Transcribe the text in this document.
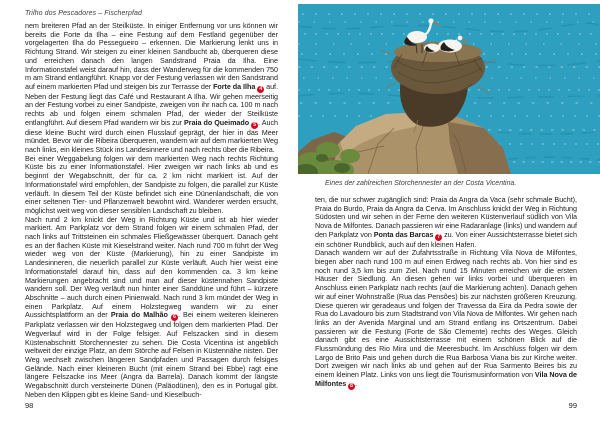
Trilho dos Pescadores – Fischerpfad

nem breiteren Pfad an der Steilküste. In einiger Entfernung vor uns können wir bereits die Forte da Ilha – eine Festung auf dem Festland gegenüber der vorgelagerten Ilha do Pessegueiro – erkennen. Die Markierung lenkt uns in Richtung Strand. Wir steigen zu einer kleinen Sandbucht ab, überqueren diese und erreichen danach den langen Sandstrand Praia da Ilha. Eine Informationstafel weist darauf hin, dass der Wanderweg für die kommenden 750 m am Strand entlangführt. Knapp vor der Festung verlassen wir den Sandstrand auf einem markierten Pfad und steigen bis zur Terrasse der Forte da Ilha 4 auf. Neben der Festung liegt das Café und Restaurant A Ilha. Wir gehen meerseitig an der Festung vorbei zu einer Sandpiste, zweigen von ihr nach ca. 100 m nach rechts ab und folgen einem schmalen Pfad, der wieder der Steilküste entlangführt. Auf diesem Pfad wandern wir bis zur Praia do Queimado 5 . Auch diese kleine Bucht wird durch einen Flusslauf geprägt, der hier in das Meer mündet. Bevor wir die Ribeira überqueren, wandern wir auf dem markierten Weg nach links, ein kleines Stück ins Landesinnere und nach rechts über die Ribeira.

Bei einer Weggabelung folgen wir dem markierten Weg nach rechts Richtung Küste bis zu einer Informationstafel. Hier zweigen wir nach links ab und es beginnt der Wegabschnitt, der für ca. 2 km nicht markiert ist. Auf der Informationstafel wird empfohlen, der Sandpiste zu folgen, die parallel zur Küste verläuft. In diesem Teil der Küste befindet sich eine Dünenlandschaft, die von einer seltenen Tier- und Pflanzenwelt bewohnt wird. Wanderer werden ersucht, möglichst weit weg von dieser sensiblen Landschaft zu bleiben.

Nach rund 2 km knickt der Weg in Richtung Küste und ist ab hier wieder markiert. Am Parkplatz vor dem Strand folgen wir einem schmalen Pfad, der nach links auf Trittsteinen ein schmales Fließgewässer überquert. Danach geht es an der flachen Küste mit Kieselstrand weiter. Nach rund 700 m führt der Weg wieder weg von der Küste (Markierung), hin zu einer Sandpiste im Landesinneren, die neuerlich parallel zur Küste verläuft. Auch hier weist eine Informationstafel darauf hin, dass auf den kommenden ca. 3 km keine Markierungen angebracht sind und man auf dieser küstennahen Sandpiste wandern soll. Der Weg verläuft nun hinter einer Sanddüne und führt – kürzere Abschnitte – auch durch einen Pinienwald. Nach rund 3 km mündet der Weg in einen Parkplatz. Auf einem Holzstegweg wandern wir zu einer Aussichtsplattform an der Praia do Malhão 6 . Bei einem weiteren kleineren Parkplatz verlassen wir den Holzstegweg und folgen dem markierten Pfad. Der Wegverlauf wird in der Folge felsiger. Auf Felszacken sind in diesem Küstenabschnitt Storchennester zu sehen. Die Costa Vicentina ist angeblich weltweit der einzige Platz, an dem Störche auf Felsen in Küstennähe nisten. Der Weg wechselt zwischen längeren Sandpfaden und Passagen durch felsiges Gelände. Nach einer kleineren Bucht (mit einem Strand bei Ebbe) ragt eine längere Felszacke ins Meer (Angra da Barrela). Danach kommt der längste Wegabschnitt durch versteinerte Dünen (Paläodünen), den es in Portugal gibt. Neben den Klippen gibt es kleine Sand- und Kieselbuch-

Eines der zahlreichen Storchennester an der Costa Vicentina.

ten, die nur schwer zugänglich sind: Praia da Angra da Vaca (sehr schmale Bucht), Praia do Burdo, Praia da Angra da Cerva. Im Anschluss knickt der Weg in Richtung Südosten und wir sehen in der Ferne den weiteren Küstenverlauf südlich von Vila Nova de Milfontes. Danach passieren wir eine Radaranlage (links) und wandern auf den Parkplatz von Ponta das Barcas 7 zu. Von einer Aussichtsterrasse bietet sich ein schöner Rundblick, auch auf den kleinen Hafen.

Danach wandern wir auf der Zufahrtsstraße in Richtung Vila Nova de Milfontes, biegen aber nach rund 100 m auf einen Erdweg nach rechts ab. Von hier sind es noch rund 3,5 km bis zum Ziel. Nach rund 15 Minuten erreichen wir die ersten Häuser der Siedlung. An diesen gehen wir links vorbei und überqueren im Anschluss einen Parkplatz nach rechts (auf die Markierung achten). Danach gehen wir auf einer Wohnstraße (Rua das Pensões) bis zur nächsten größeren Kreuzung. Diese queren wir geradeaus und folgen der Travessa da Eira da Pedra sowie der Rua do Lavadouro bis zum Stadtstrand von Vila Nova de Milfontes. Wir gehen nach links an der Avenida Marginal und am Strand entlang ins Ortszentrum. Dabei passieren wir die Festung (Forte de São Clemente) rechts des Weges. Gleich danach gibt es eine Aussichtsterrasse mit einem schönen Blick auf die Flussmündung des Rio Mira und die Meeresbucht. Im Anschluss folgen wir dem Largo de Brito Pais und gehen durch die Rua Barbosa Viana bis zur Kirche weiter. Dort zweigen wir nach links ab und gehen auf der Rua Sarmento Beires bis zu einem kleinen Platz. Links von uns liegt die Tourismusinformation von Vila Nova de Milfontes 8 .

98	99
